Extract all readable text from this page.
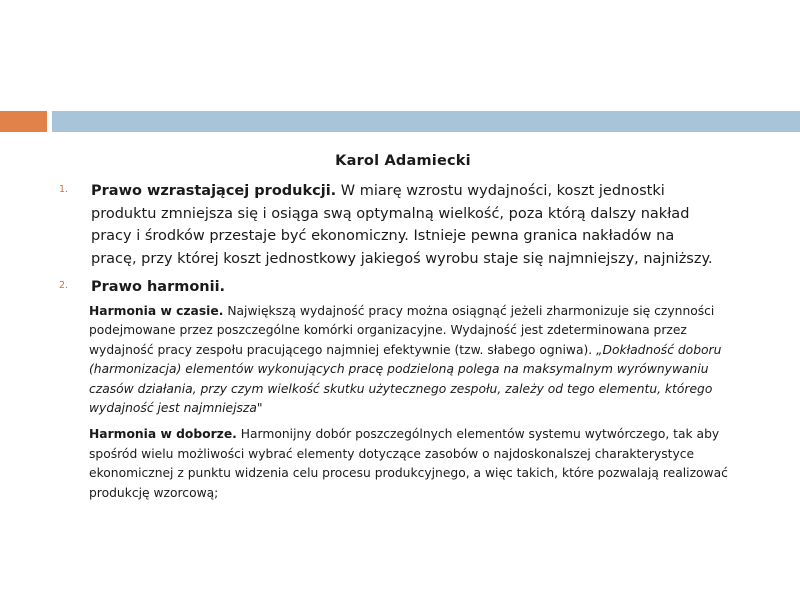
Karol Adamiecki
1. Prawo wzrastającej produkcji. W miarę wzrostu wydajności, koszt jednostki produktu zmniejsza się i osiąga swą optymalną wielkość, poza którą dalszy nakład pracy i środków przestaje być ekonomiczny. Istnieje pewna granica nakładów na pracę, przy której koszt jednostkowy jakiegoś wyrobu staje się najmniejszy, najniższy.
2. Prawo harmonii.
Harmonia w czasie. Największą wydajność pracy można osiągnąć jeżeli zharmonizuje się czynności podejmowane przez poszczególne komórki organizacyjne. Wydajność jest zdeterminowana przez wydajność pracy zespołu pracującego najmniej efektywnie (tzw. słabego ogniwa). „Dokładność doboru (harmonizacja) elementów wykonujących pracę podzieloną polega na maksymalnym wyrównywaniu czasów działania, przy czym wielkość skutku użytecznego zespołu, zależy od tego elementu, którego wydajność jest najmniejsza"
Harmonia w doborze. Harmonijny dobór poszczególnych elementów systemu wytwórczego, tak aby spośród wielu możliwości wybrać elementy dotyczące zasobów o najdoskonalszej charakterystyce ekonomicznej z punktu widzenia celu procesu produkcyjnego, a więc takich, które pozwalają realizować produkcję wzorcową;
